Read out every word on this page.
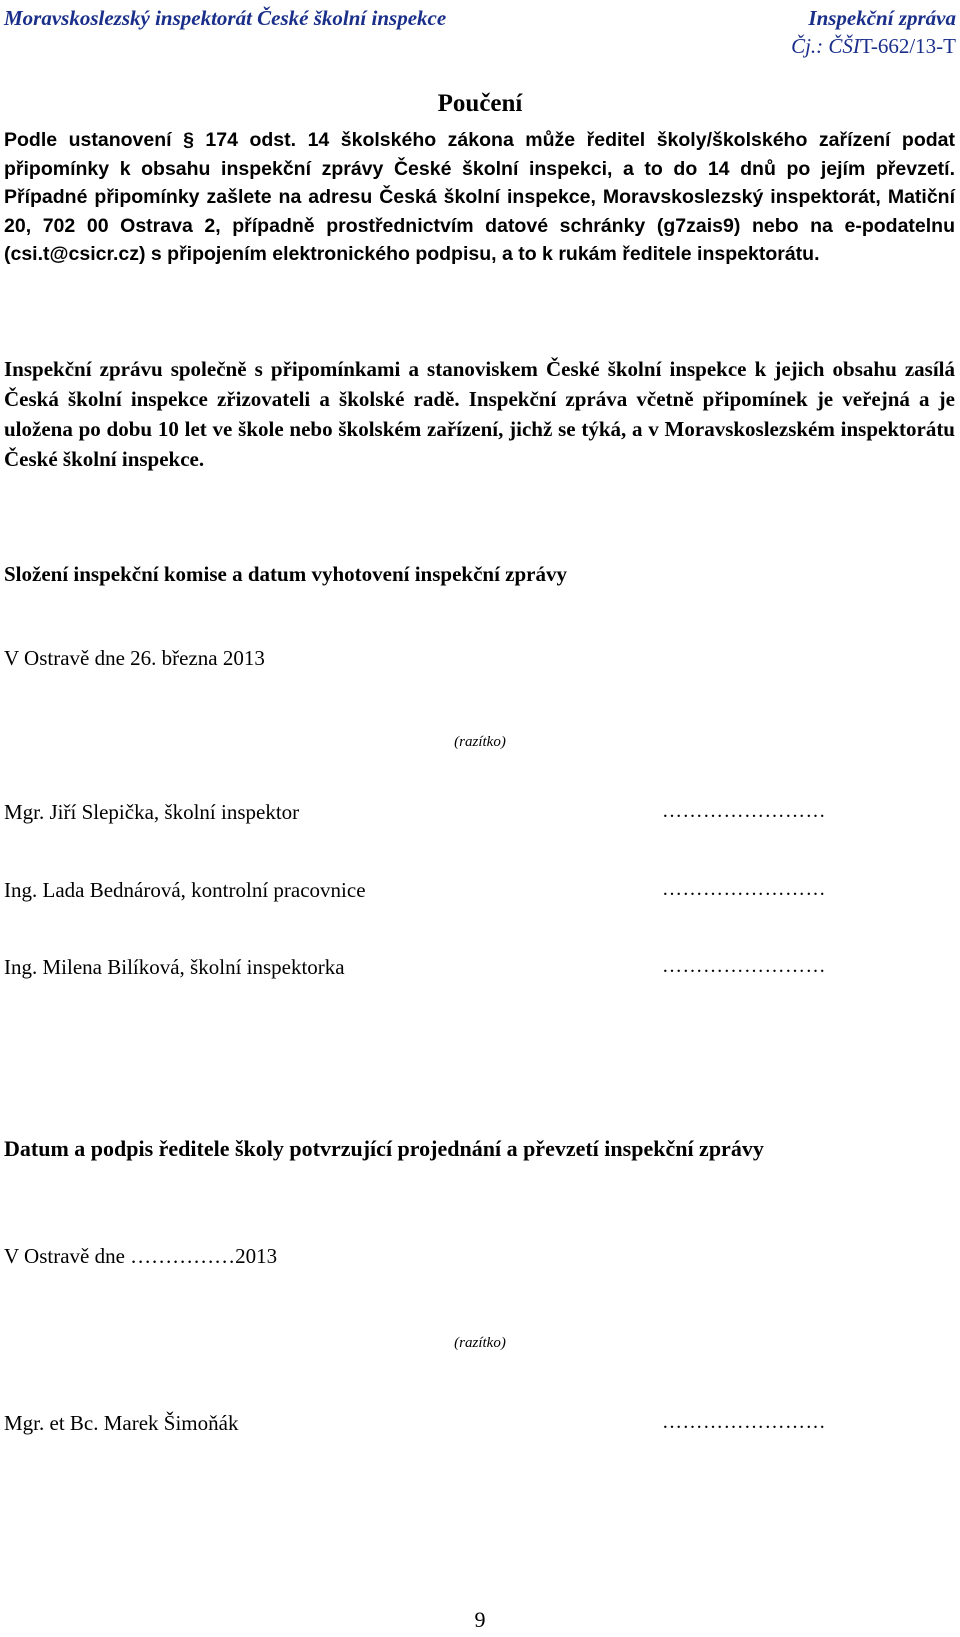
Moravskoslezský inspektorát České školní inspekce	Inspekční zpráva
Čj.: ČŠIT-662/13-T
Poučení
Podle ustanovení § 174 odst. 14 školského zákona může ředitel školy/školského zařízení podat připomínky k obsahu inspekční zprávy České školní inspekci, a to do 14 dnů po jejím převzetí. Případné připomínky zašlete na adresu Česká školní inspekce, Moravskoslezský inspektorát, Matiční 20, 702 00 Ostrava 2, případně prostřednictvím datové schránky (g7zais9) nebo na e-podatelnu (csi.t@csicr.cz) s připojením elektronického podpisu, a to k rukám ředitele inspektorátu.
Inspekční zprávu společně s připomínkami a stanoviskem České školní inspekce k jejich obsahu zasílá Česká školní inspekce zřizovateli a školské radě. Inspekční zpráva včetně připomínek je veřejná a je uložena po dobu 10 let ve škole nebo školském zařízení, jichž se týká, a v Moravskoslezském inspektorátu České školní inspekce.
Složení inspekční komise a datum vyhotovení inspekční zprávy
V Ostravě dne 26. března 2013
(razítko)
Mgr. Jiří Slepička, školní inspektor	……………………
Ing. Lada Bednárová, kontrolní pracovnice	……………………
Ing. Milena Bilíková, školní inspektorka	……………………
Datum a podpis ředitele školy potvrzující projednání a převzetí inspekční zprávy
V Ostravě dne ……………2013
(razítko)
Mgr. et Bc. Marek Šimoňák	……………………
9
